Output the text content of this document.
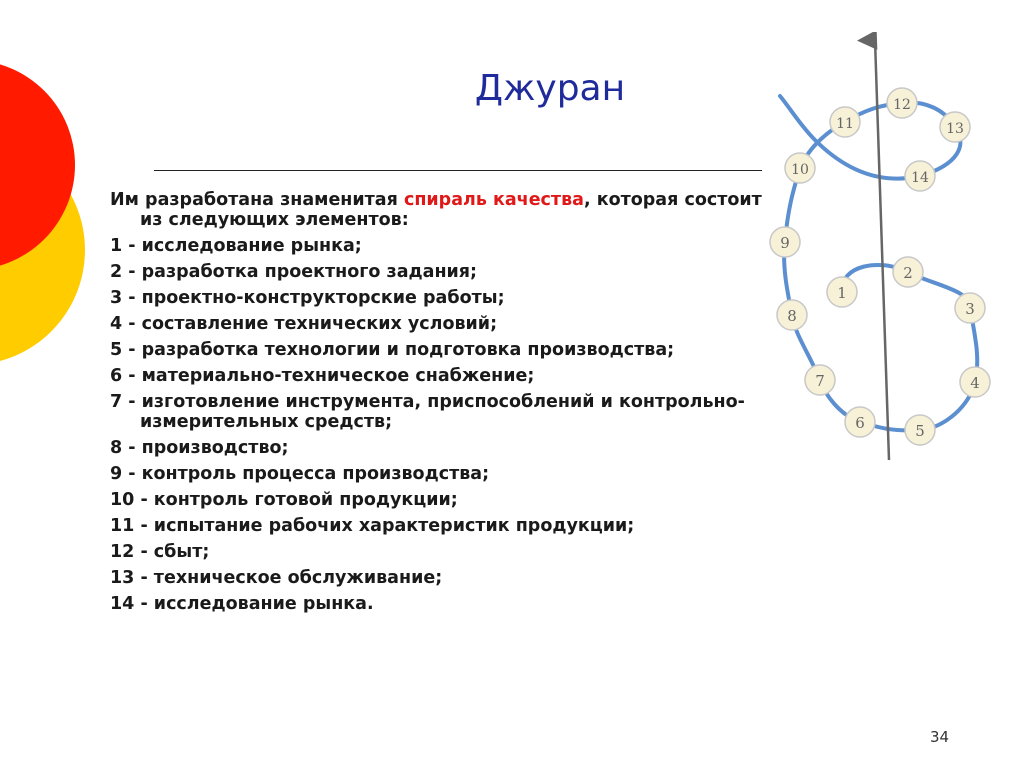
Джуран

Им разработана знаменитая спираль качества, которая состоит из следующих элементов:

1 - исследование рынка;

2 - разработка проектного задания;

3 - проектно-конструкторские работы;

4 - составление технических условий;

5 - разработка технологии и подготовка производства;

6 - материально-техническое снабжение;

7 - изготовление инструмента, приспособлений и контрольно-измерительных средств;

8 - производство;

9 - контроль процесса производства;

10 - контроль готовой продукции;

11 - испытание рабочих характеристик продукции;

12 - сбыт;

13 - техническое обслуживание;

14 - исследование рынка.

1
2
3
4
5
6
7
8
9
10
11
12
13
14
34
